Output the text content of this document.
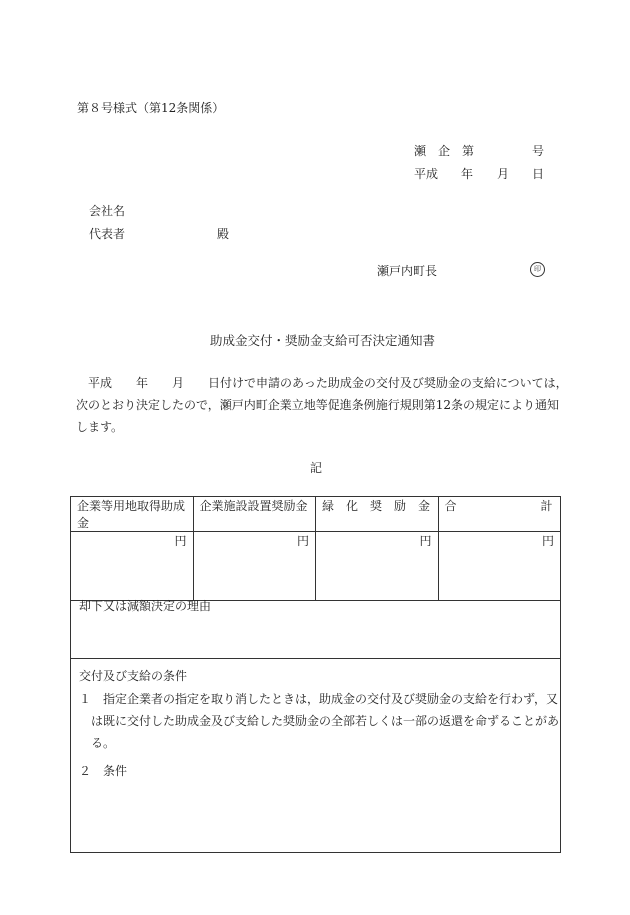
第８号様式（第12条関係）
瀬　企　第	号
平成 年 月 日
会社名
代表者	殿
瀬戸内町長	印
助成金交付・奨励金支給可否決定通知書
平成　　年　　月　　日付けで申請のあった助成金の交付及び奨励金の支給については，
次のとおり決定したので，瀬戸内町企業立地等促進条例施行規則第12条の規定により通知
します。
記
企業等用地取得助成金	企業施設設置奨励金	緑　化　奨　励　金	合　　　　　　　計
円	円	円	円
却下又は減額決定の理由
交付及び支給の条件
１　指定企業者の指定を取り消したときは，助成金の交付及び奨励金の支給を行わず，又
　は既に交付した助成金及び支給した奨励金の全部若しくは一部の返還を命ずることがあ
　る。
２　条件
